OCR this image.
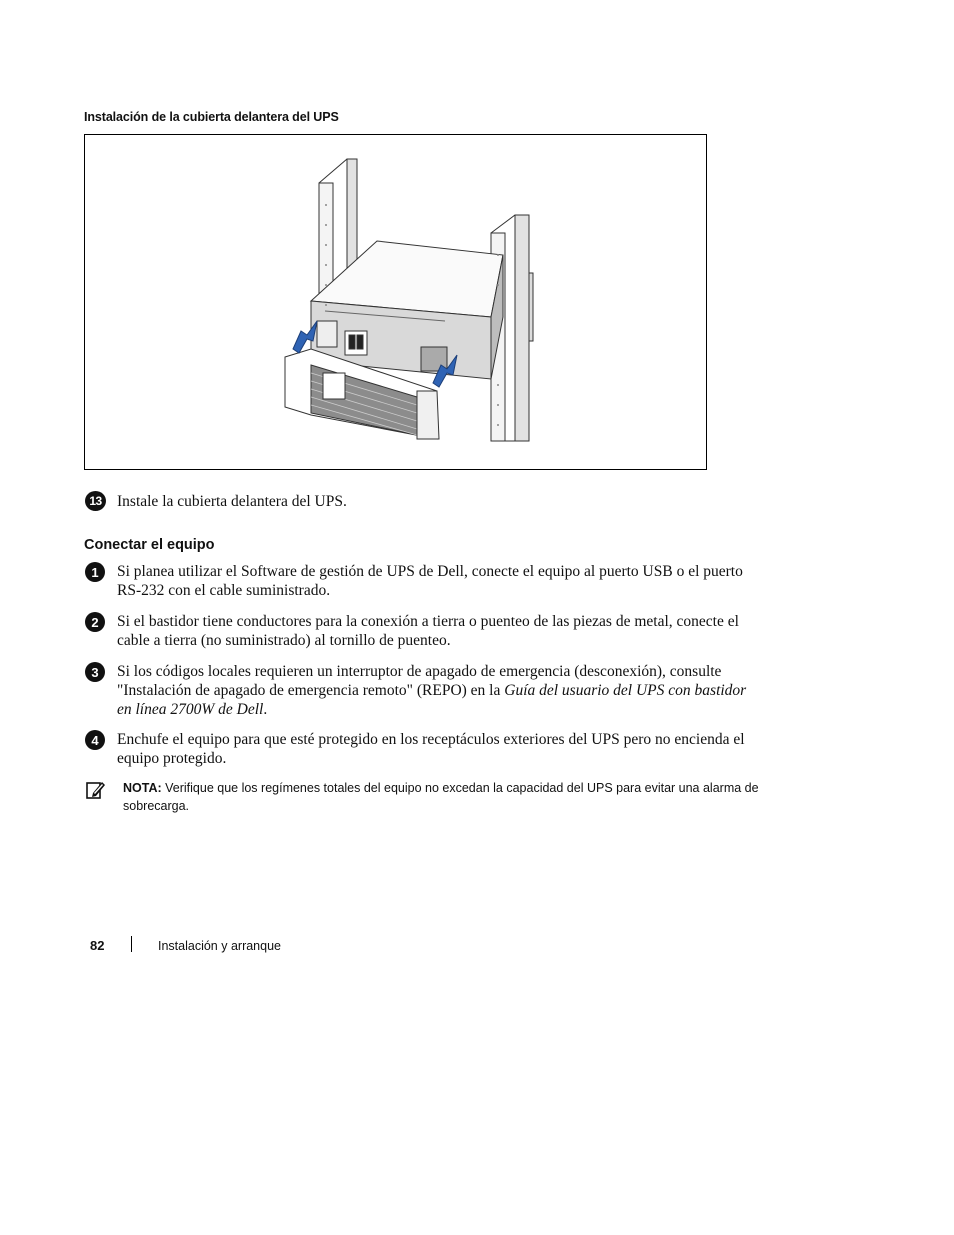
Instalación de la cubierta delantera del UPS
13 Instale la cubierta delantera del UPS.
Conectar el equipo
1	Si planea utilizar el Software de gestión de UPS de Dell, conecte el equipo al puerto USB o el puerto RS-232 con el cable suministrado.
2	Si el bastidor tiene conductores para la conexión a tierra o puenteo de las piezas de metal, conecte el cable a tierra (no suministrado) al tornillo de puenteo.
3	Si los códigos locales requieren un interruptor de apagado de emergencia (desconexión), consulte "Instalación de apagado de emergencia remoto" (REPO) en la Guía del usuario del UPS con bastidor en línea 2700W de Dell.
4	Enchufe el equipo para que esté protegido en los receptáculos exteriores del UPS pero no encienda el equipo protegido.
NOTA: Verifique que los regímenes totales del equipo no excedan la capacidad del UPS para evitar una alarma de sobrecarga.
82	Instalación y arranque
